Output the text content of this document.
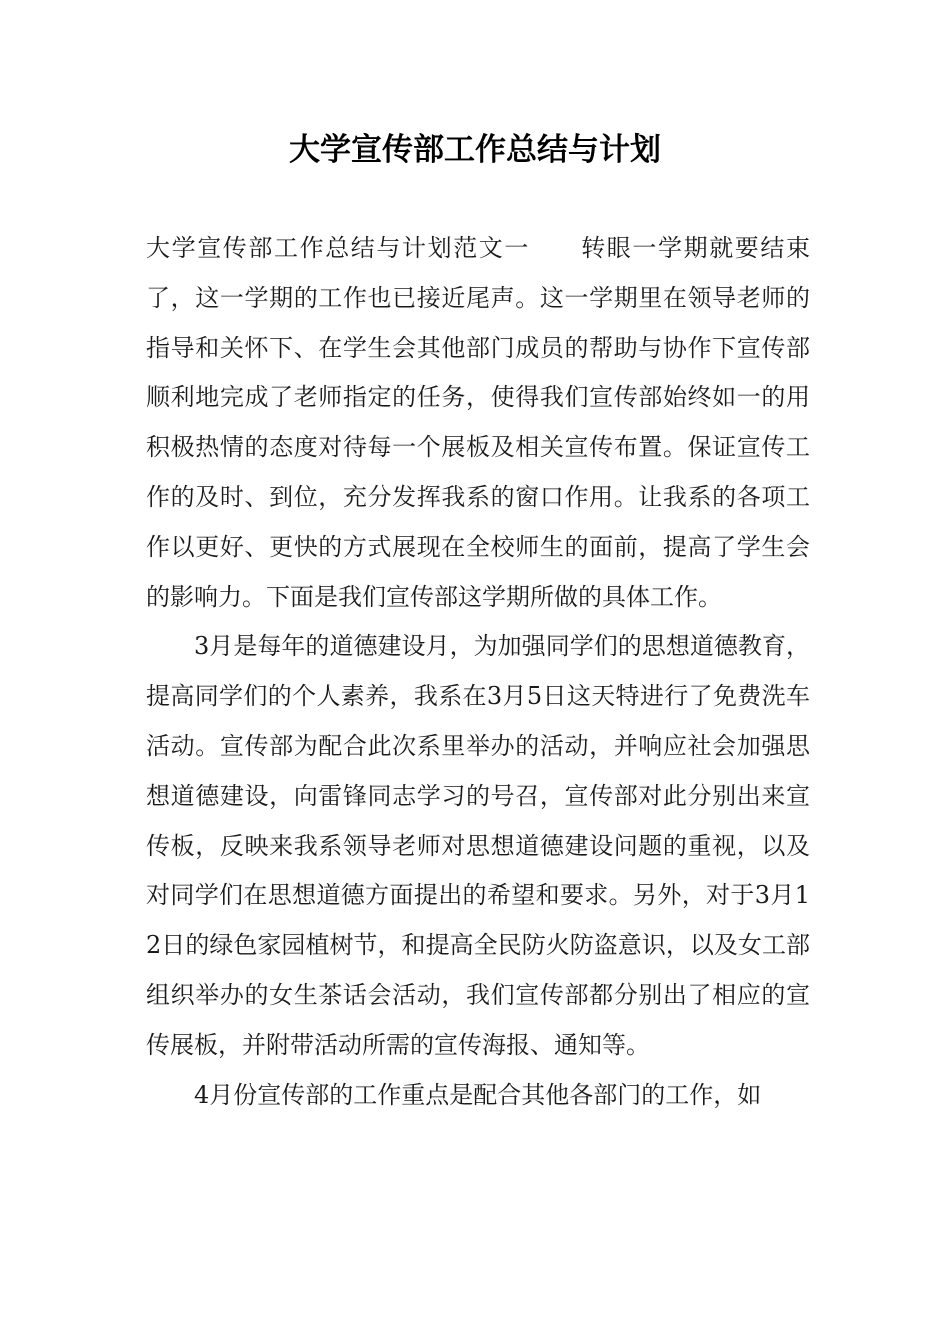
大学宣传部工作总结与计划

大学宣传部工作总结与计划范文一　　转眼一学期就要结束了，这一学期的工作也已接近尾声。这一学期里在领导老师的指导和关怀下、在学生会其他部门成员的帮助与协作下宣传部顺利地完成了老师指定的任务，使得我们宣传部始终如一的用积极热情的态度对待每一个展板及相关宣传布置。保证宣传工作的及时、到位，充分发挥我系的窗口作用。让我系的各项工作以更好、更快的方式展现在全校师生的面前，提高了学生会的影响力。下面是我们宣传部这学期所做的具体工作。

3月是每年的道德建设月，为加强同学们的思想道德教育，提高同学们的个人素养，我系在3月5日这天特进行了免费洗车活动。宣传部为配合此次系里举办的活动，并响应社会加强思想道德建设，向雷锋同志学习的号召，宣传部对此分别出来宣传板，反映来我系领导老师对思想道德建设问题的重视，以及对同学们在思想道德方面提出的希望和要求。另外，对于3月12日的绿色家园植树节，和提高全民防火防盗意识，以及女工部组织举办的女生茶话会活动，我们宣传部都分别出了相应的宣传展板，并附带活动所需的宣传海报、通知等。

4月份宣传部的工作重点是配合其他各部门的工作，如
